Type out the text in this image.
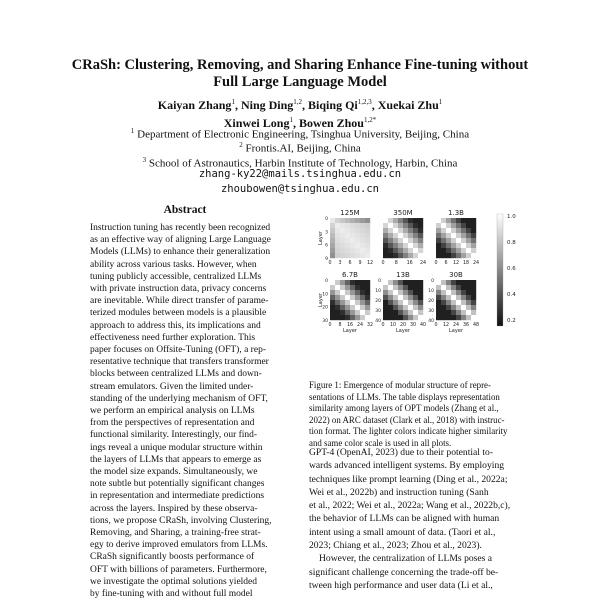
CRaSh: Clustering, Removing, and Sharing Enhance Fine-tuning without
Full Large Language Model
Kaiyan Zhang$^1$, Ning Ding$^{1,2}$, Biqing Qi$^{1,2,3}$, Xuekai Zhu$^1$
Xinwei Long$^1$, Bowen Zhou$^{1,2*}$
$^1$ Department of Electronic Engineering, Tsinghua University, Beijing, China
$^2$ Frontis.AI, Beijing, China
$^3$ School of Astronautics, Harbin Institute of Technology, Harbin, China
zhang-ky22@mails.tsinghua.edu.cn
zhoubowen@tsinghua.edu.cn
Abstract
Instruction tuning has recently been recognized
as an effective way of aligning Large Language
Models (LLMs) to enhance their generalization
ability across various tasks. However, when
tuning publicly accessible, centralized LLMs
with private instruction data, privacy concerns
are inevitable. While direct transfer of parame-
terized modules between models is a plausible
approach to address this, its implications and
effectiveness need further exploration. This
paper focuses on Offsite-Tuning (OFT), a rep-
resentative technique that transfers transformer
blocks between centralized LLMs and down-
stream emulators. Given the limited under-
standing of the underlying mechanism of OFT,
we perform an empirical analysis on LLMs
from the perspectives of representation and
functional similarity. Interestingly, our find-
ings reveal a unique modular structure within
the layers of LLMs that appears to emerge as
the model size expands. Simultaneously, we
note subtle but potentially significant changes
in representation and intermediate predictions
across the layers. Inspired by these observa-
tions, we propose CRaSh, involving Clustering,
Removing, and Sharing, a training-free strat-
egy to derive improved emulators from LLMs.
CRaSh significantly boosts performance of
OFT with billions of parameters. Furthermore,
we investigate the optimal solutions yielded
by fine-tuning with and without full model
125M
0 3 6 9 12
Layer
0
3
6
9
350M
0 8 16 24
1.3B
0 6 12 18 24
6.7B
0 8 16 24 32
Layer
Layer
0
10
20
30
13B
0 10 20 30 40
Layer
0
10
20
30
40
30B
0 12 24 36 48
Layer
0
10
20
30
40
1.0
0.8
0.6
0.4
0.2
Figure 1: Emergence of modular structure of repre-
sentations of LLMs. The table displays representation
similarity among layers of OPT models (Zhang et al.,
2022) on ARC dataset (Clark et al., 2018) with instruc-
tion format. The lighter colors indicate higher similarity
and same color scale is used in all plots.
GPT-4 (OpenAI, 2023) due to their potential to-
wards advanced intelligent systems. By employing
techniques like prompt learning (Ding et al., 2022a;
Wei et al., 2022b) and instruction tuning (Sanh
et al., 2022; Wei et al., 2022a; Wang et al., 2022b,c),
the behavior of LLMs can be aligned with human
intent using a small amount of data. (Taori et al.,
2023; Chiang et al., 2023; Zhou et al., 2023).
However, the centralization of LLMs poses a
significant challenge concerning the trade-off be-
tween high performance and user data (Li et al.,
